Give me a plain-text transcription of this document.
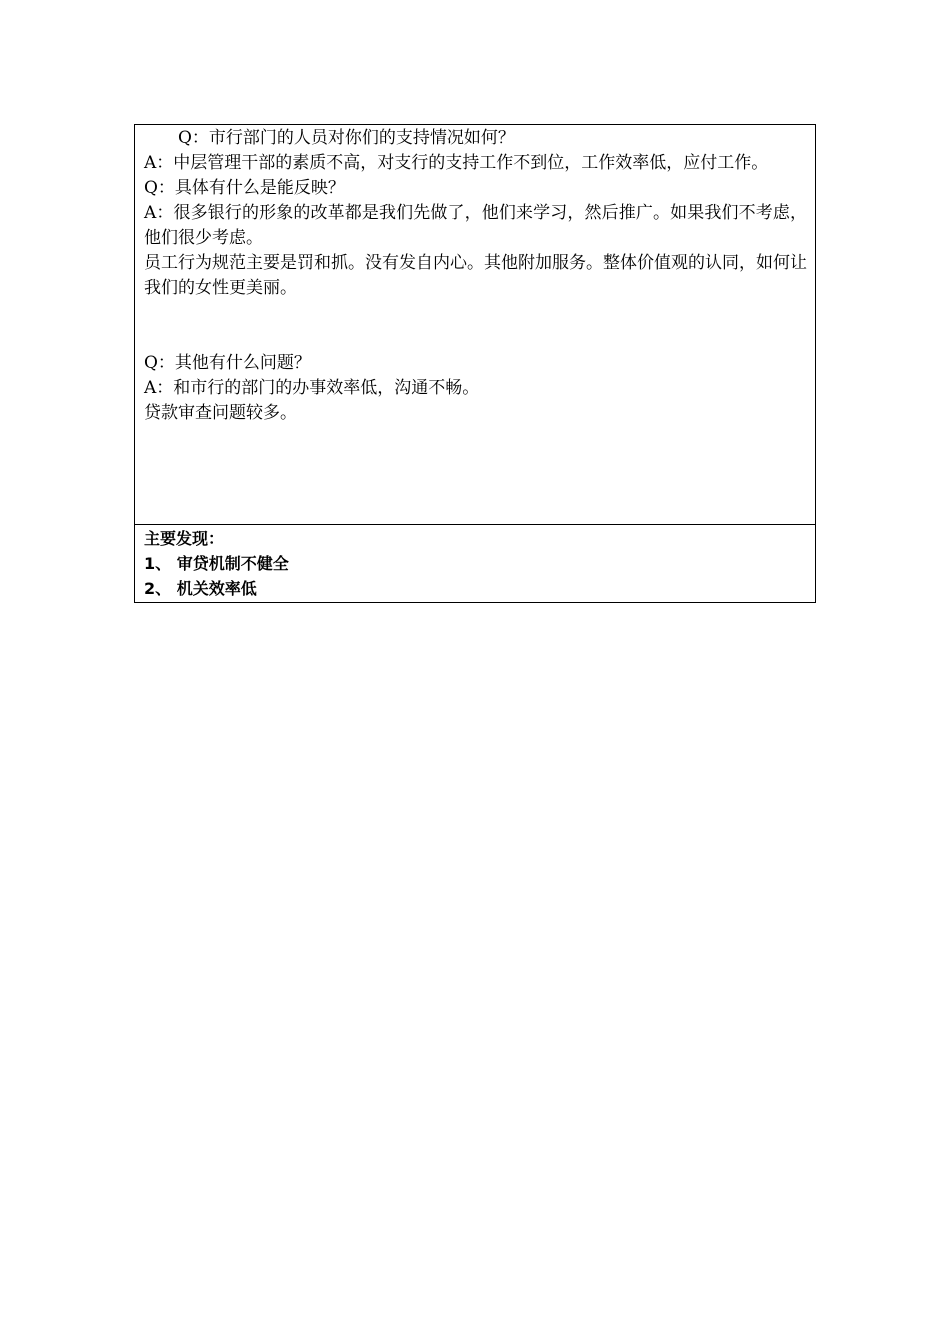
Q：市行部门的人员对你们的支持情况如何？

A：中层管理干部的素质不高，对支行的支持工作不到位，工作效率低，应付工作。

Q：具体有什么是能反映？

A：很多银行的形象的改革都是我们先做了，他们来学习，然后推广。如果我们不考虑，他们很少考虑。

员工行为规范主要是罚和抓。没有发自内心。其他附加服务。整体价值观的认同，如何让我们的女性更美丽。

Q：其他有什么问题？

A：和市行的部门的办事效率低，沟通不畅。

贷款审查问题较多。

主要发现：

1、 审贷机制不健全

2、 机关效率低
